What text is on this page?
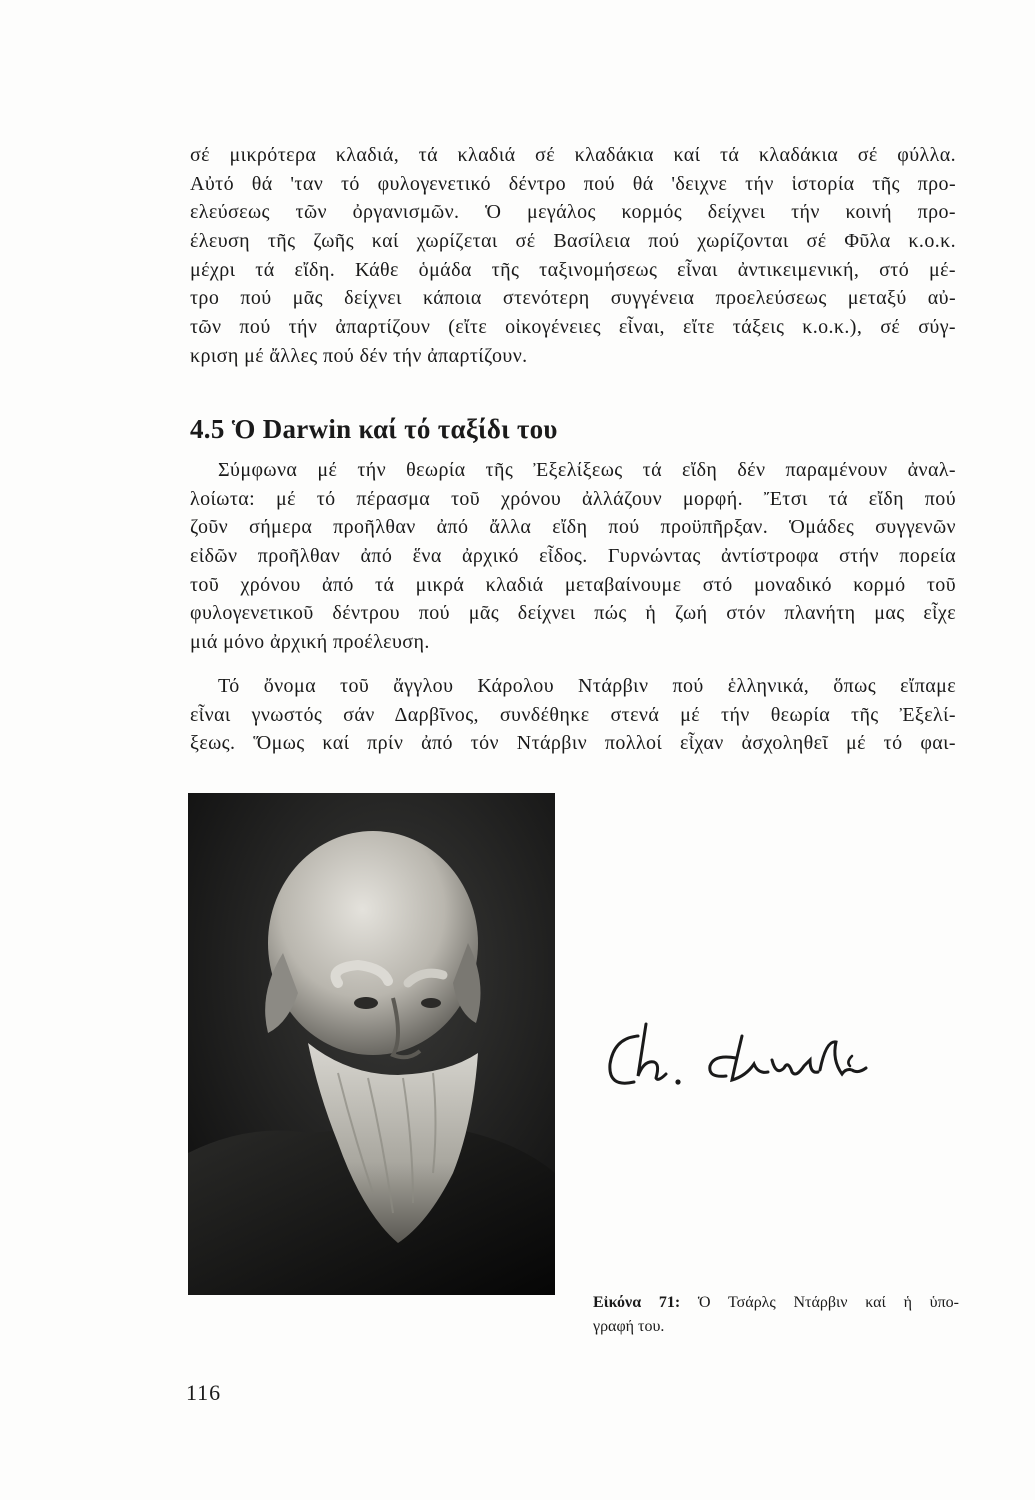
σέ μικρότερα κλαδιά, τά κλαδιά σέ κλαδάκια καί τά κλαδάκια σέ φύλλα.
Αὐτό θά 'ταν τό φυλογενετικό δέντρο πού θά 'δειχνε τήν ἱστορία τῆς προ-
ελεύσεως τῶν ὀργανισμῶν. Ὁ μεγάλος κορμός δείχνει τήν κοινή προ-
έλευση τῆς ζωῆς καί χωρίζεται σέ Βασίλεια πού χωρίζονται σέ Φῦλα κ.ο.κ.
μέχρι τά εἴδη. Κάθε ὁμάδα τῆς ταξινομήσεως εἶναι ἀντικειμενική, στό μέ-
τρο πού μᾶς δείχνει κάποια στενότερη συγγένεια προελεύσεως μεταξύ αὐ-
τῶν πού τήν ἀπαρτίζουν (εἴτε οἰκογένειες εἶναι, εἴτε τάξεις κ.ο.κ.), σέ σύγ-
κριση μέ ἄλλες πού δέν τήν ἀπαρτίζουν.
4.5 Ὁ Darwin καί τό ταξίδι του
Σύμφωνα μέ τήν θεωρία τῆς Ἐξελίξεως τά εἴδη δέν παραμένουν ἀναλ-
λοίωτα: μέ τό πέρασμα τοῦ χρόνου ἀλλάζουν μορφή. Ἔτσι τά εἴδη πού
ζοῦν σήμερα προῆλθαν ἀπό ἄλλα εἴδη πού προϋπῆρξαν. Ὁμάδες συγγενῶν
εἰδῶν προῆλθαν ἀπό ἕνα ἀρχικό εἶδος. Γυρνώντας ἀντίστροφα στήν πορεία
τοῦ χρόνου ἀπό τά μικρά κλαδιά μεταβαίνουμε στό μοναδικό κορμό τοῦ
φυλογενετικοῦ δέντρου πού μᾶς δείχνει πώς ἡ ζωή στόν πλανήτη μας εἶχε
μιά μόνο ἀρχική προέλευση.
Τό ὄνομα τοῦ ἄγγλου Κάρολου Ντάρβιν πού ἑλληνικά, ὅπως εἴπαμε
εἶναι γνωστός σάν Δαρβῖνος, συνδέθηκε στενά μέ τήν θεωρία τῆς Ἐξελί-
ξεως. Ὅμως καί πρίν ἀπό τόν Ντάρβιν πολλοί εἶχαν ἀσχοληθεῖ μέ τό φαι-
Εἰκόνα 71: Ὁ Τσάρλς Ντάρβιν καί ἡ ὑπο-
γραφή του.
116
